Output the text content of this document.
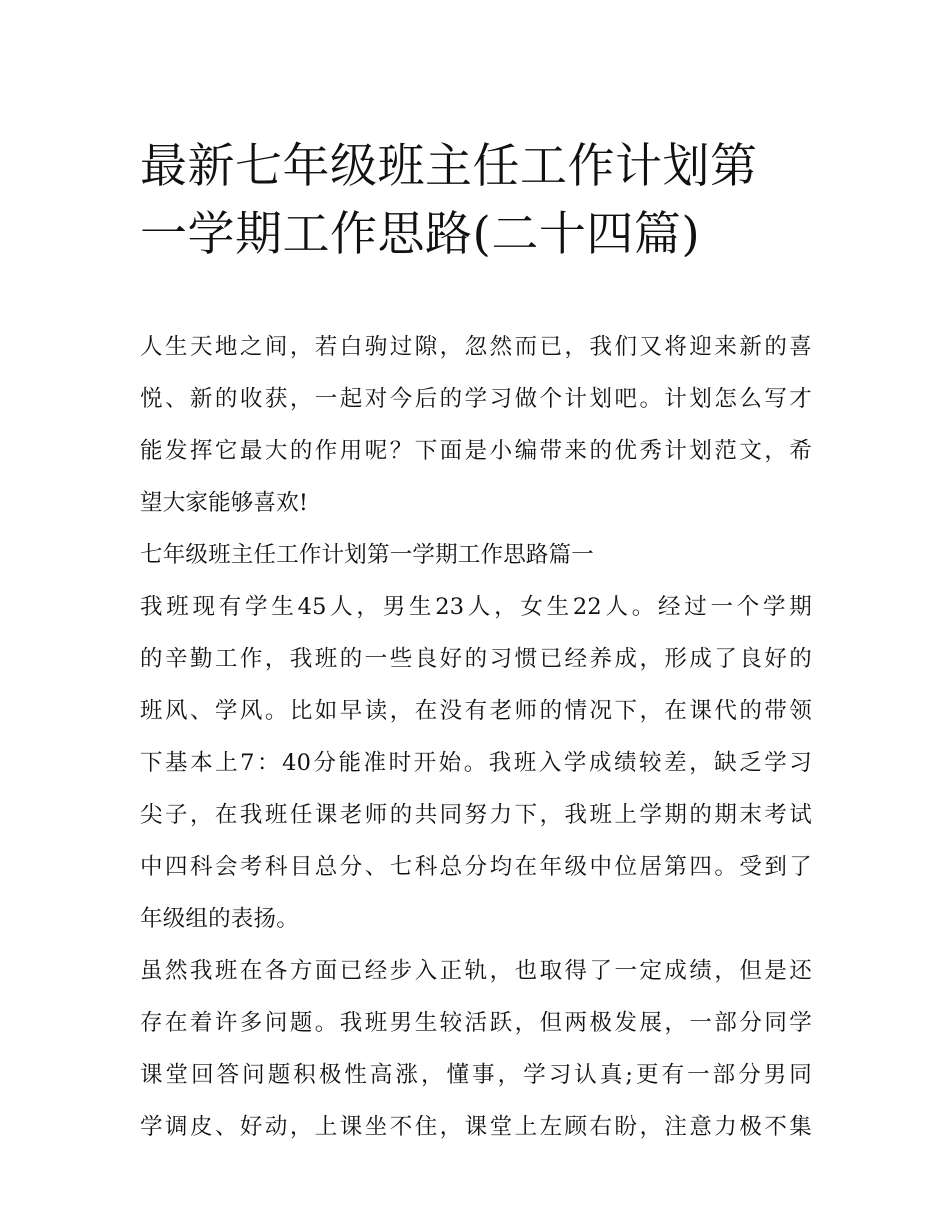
最新七年级班主任工作计划第
一学期工作思路(二十四篇)
人生天地之间，若白驹过隙，忽然而已，我们又将迎来新的喜
悦、新的收获，一起对今后的学习做个计划吧。计划怎么写才
能发挥它最大的作用呢？下面是小编带来的优秀计划范文，希
望大家能够喜欢!
七年级班主任工作计划第一学期工作思路篇一
我班现有学生45人，男生23人，女生22人。经过一个学期
的辛勤工作，我班的一些良好的习惯已经养成，形成了良好的
班风、学风。比如早读，在没有老师的情况下，在课代的带领
下基本上7：40分能准时开始。我班入学成绩较差，缺乏学习
尖子，在我班任课老师的共同努力下，我班上学期的期末考试
中四科会考科目总分、七科总分均在年级中位居第四。受到了
年级组的表扬。
虽然我班在各方面已经步入正轨，也取得了一定成绩，但是还
存在着许多问题。我班男生较活跃，但两极发展，一部分同学
课堂回答问题积极性高涨，懂事，学习认真;更有一部分男同
学调皮、好动，上课坐不住，课堂上左顾右盼，注意力极不集
